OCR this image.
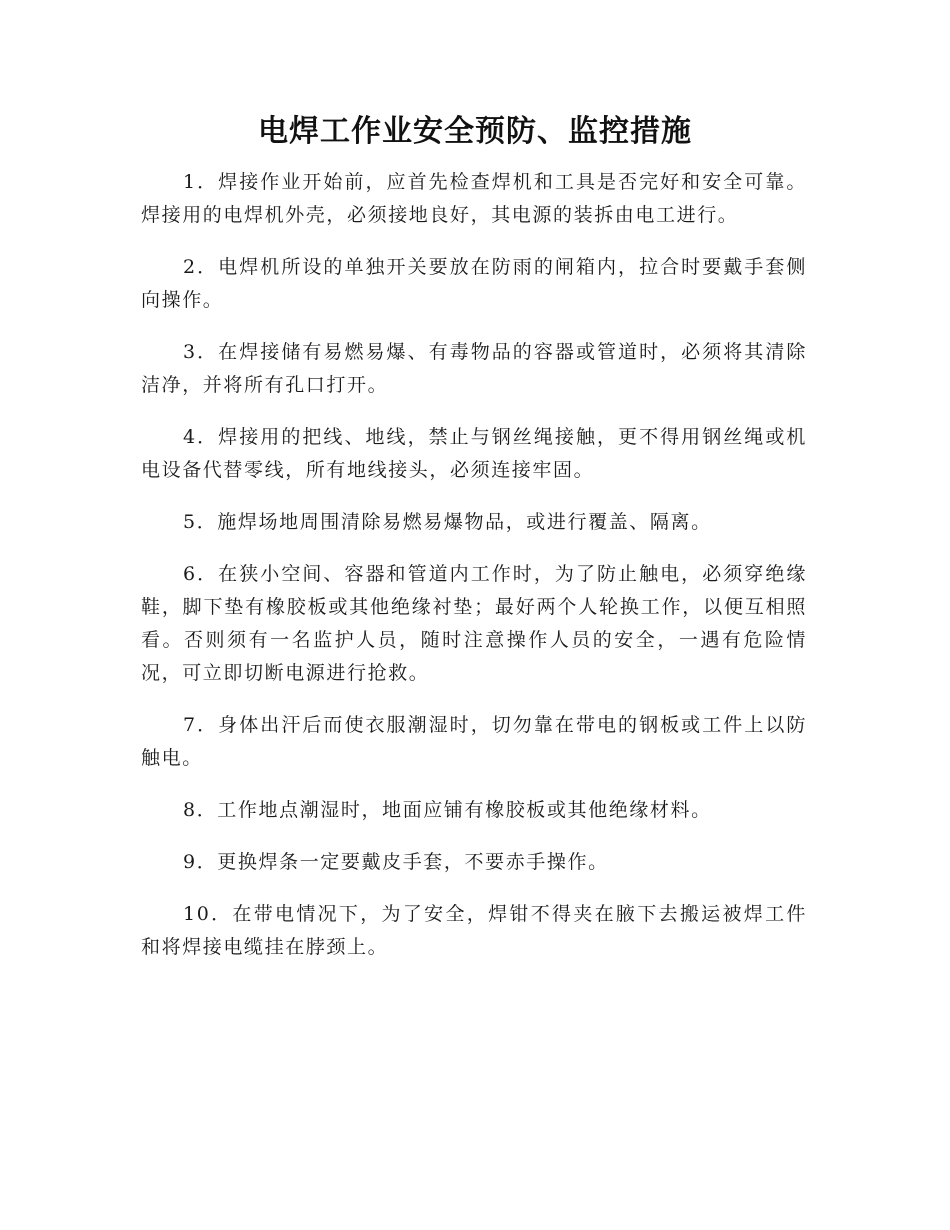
电焊工作业安全预防、监控措施

1．焊接作业开始前，应首先检查焊机和工具是否完好和安全可靠。焊接用的电焊机外壳，必须接地良好，其电源的装拆由电工进行。

2．电焊机所设的单独开关要放在防雨的闸箱内，拉合时要戴手套侧向操作。

3．在焊接储有易燃易爆、有毒物品的容器或管道时，必须将其清除洁净，并将所有孔口打开。

4．焊接用的把线、地线，禁止与钢丝绳接触，更不得用钢丝绳或机电设备代替零线，所有地线接头，必须连接牢固。

5．施焊场地周围清除易燃易爆物品，或进行覆盖、隔离。

6．在狭小空间、容器和管道内工作时，为了防止触电，必须穿绝缘鞋，脚下垫有橡胶板或其他绝缘衬垫；最好两个人轮换工作，以便互相照看。否则须有一名监护人员，随时注意操作人员的安全，一遇有危险情况，可立即切断电源进行抢救。

7．身体出汗后而使衣服潮湿时，切勿靠在带电的钢板或工件上以防触电。

8．工作地点潮湿时，地面应铺有橡胶板或其他绝缘材料。

9．更换焊条一定要戴皮手套，不要赤手操作。

10．在带电情况下，为了安全，焊钳不得夹在腋下去搬运被焊工件和将焊接电缆挂在脖颈上。
